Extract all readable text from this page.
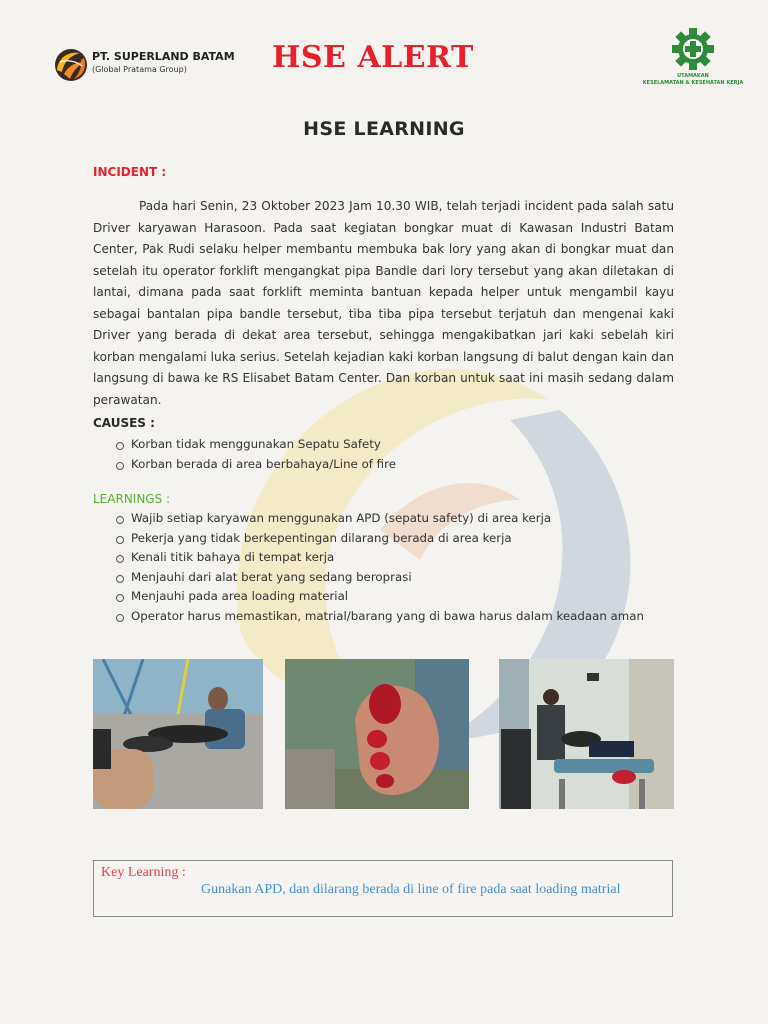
PT. SUPERLAND BATAM
(Global Pratama Group)	HSE ALERT
UTAMAKAN
KESELAMATAN & KESEHATAN KERJA
HSE LEARNING
INCIDENT :

Pada hari Senin, 23 Oktober 2023 Jam 10.30 WIB, telah terjadi incident pada salah satu Driver karyawan Harasoon. Pada saat kegiatan bongkar muat di Kawasan Industri Batam Center, Pak Rudi selaku helper membantu membuka bak lory yang akan di bongkar muat dan setelah itu operator forklift mengangkat pipa Bandle dari lory tersebut yang akan diletakan di lantai, dimana pada saat forklift meminta bantuan kepada helper untuk mengambil kayu sebagai bantalan pipa bandle tersebut, tiba tiba pipa tersebut terjatuh dan mengenai kaki Driver yang berada di dekat area tersebut, sehingga mengakibatkan jari kaki sebelah kiri korban mengalami luka serius. Setelah kejadian kaki korban langsung di balut dengan kain dan langsung di bawa ke RS Elisabet Batam Center. Dan korban untuk saat ini masih sedang dalam perawatan.

CAUSES :
Korban tidak menggunakan Sepatu Safety
Korban berada di area berbahaya/Line of fire
LEARNINGS :
Wajib setiap karyawan menggunakan APD (sepatu safety) di area kerja
Pekerja yang tidak berkepentingan dilarang berada di area kerja
Kenali titik bahaya di tempat kerja
Menjauhi dari alat berat yang sedang beroprasi
Menjauhi pada area loading material
Operator harus memastikan, matrial/barang yang di bawa harus dalam keadaan aman
Key Learning :
Gunakan APD, dan dilarang berada di line of fire pada saat loading matrial
